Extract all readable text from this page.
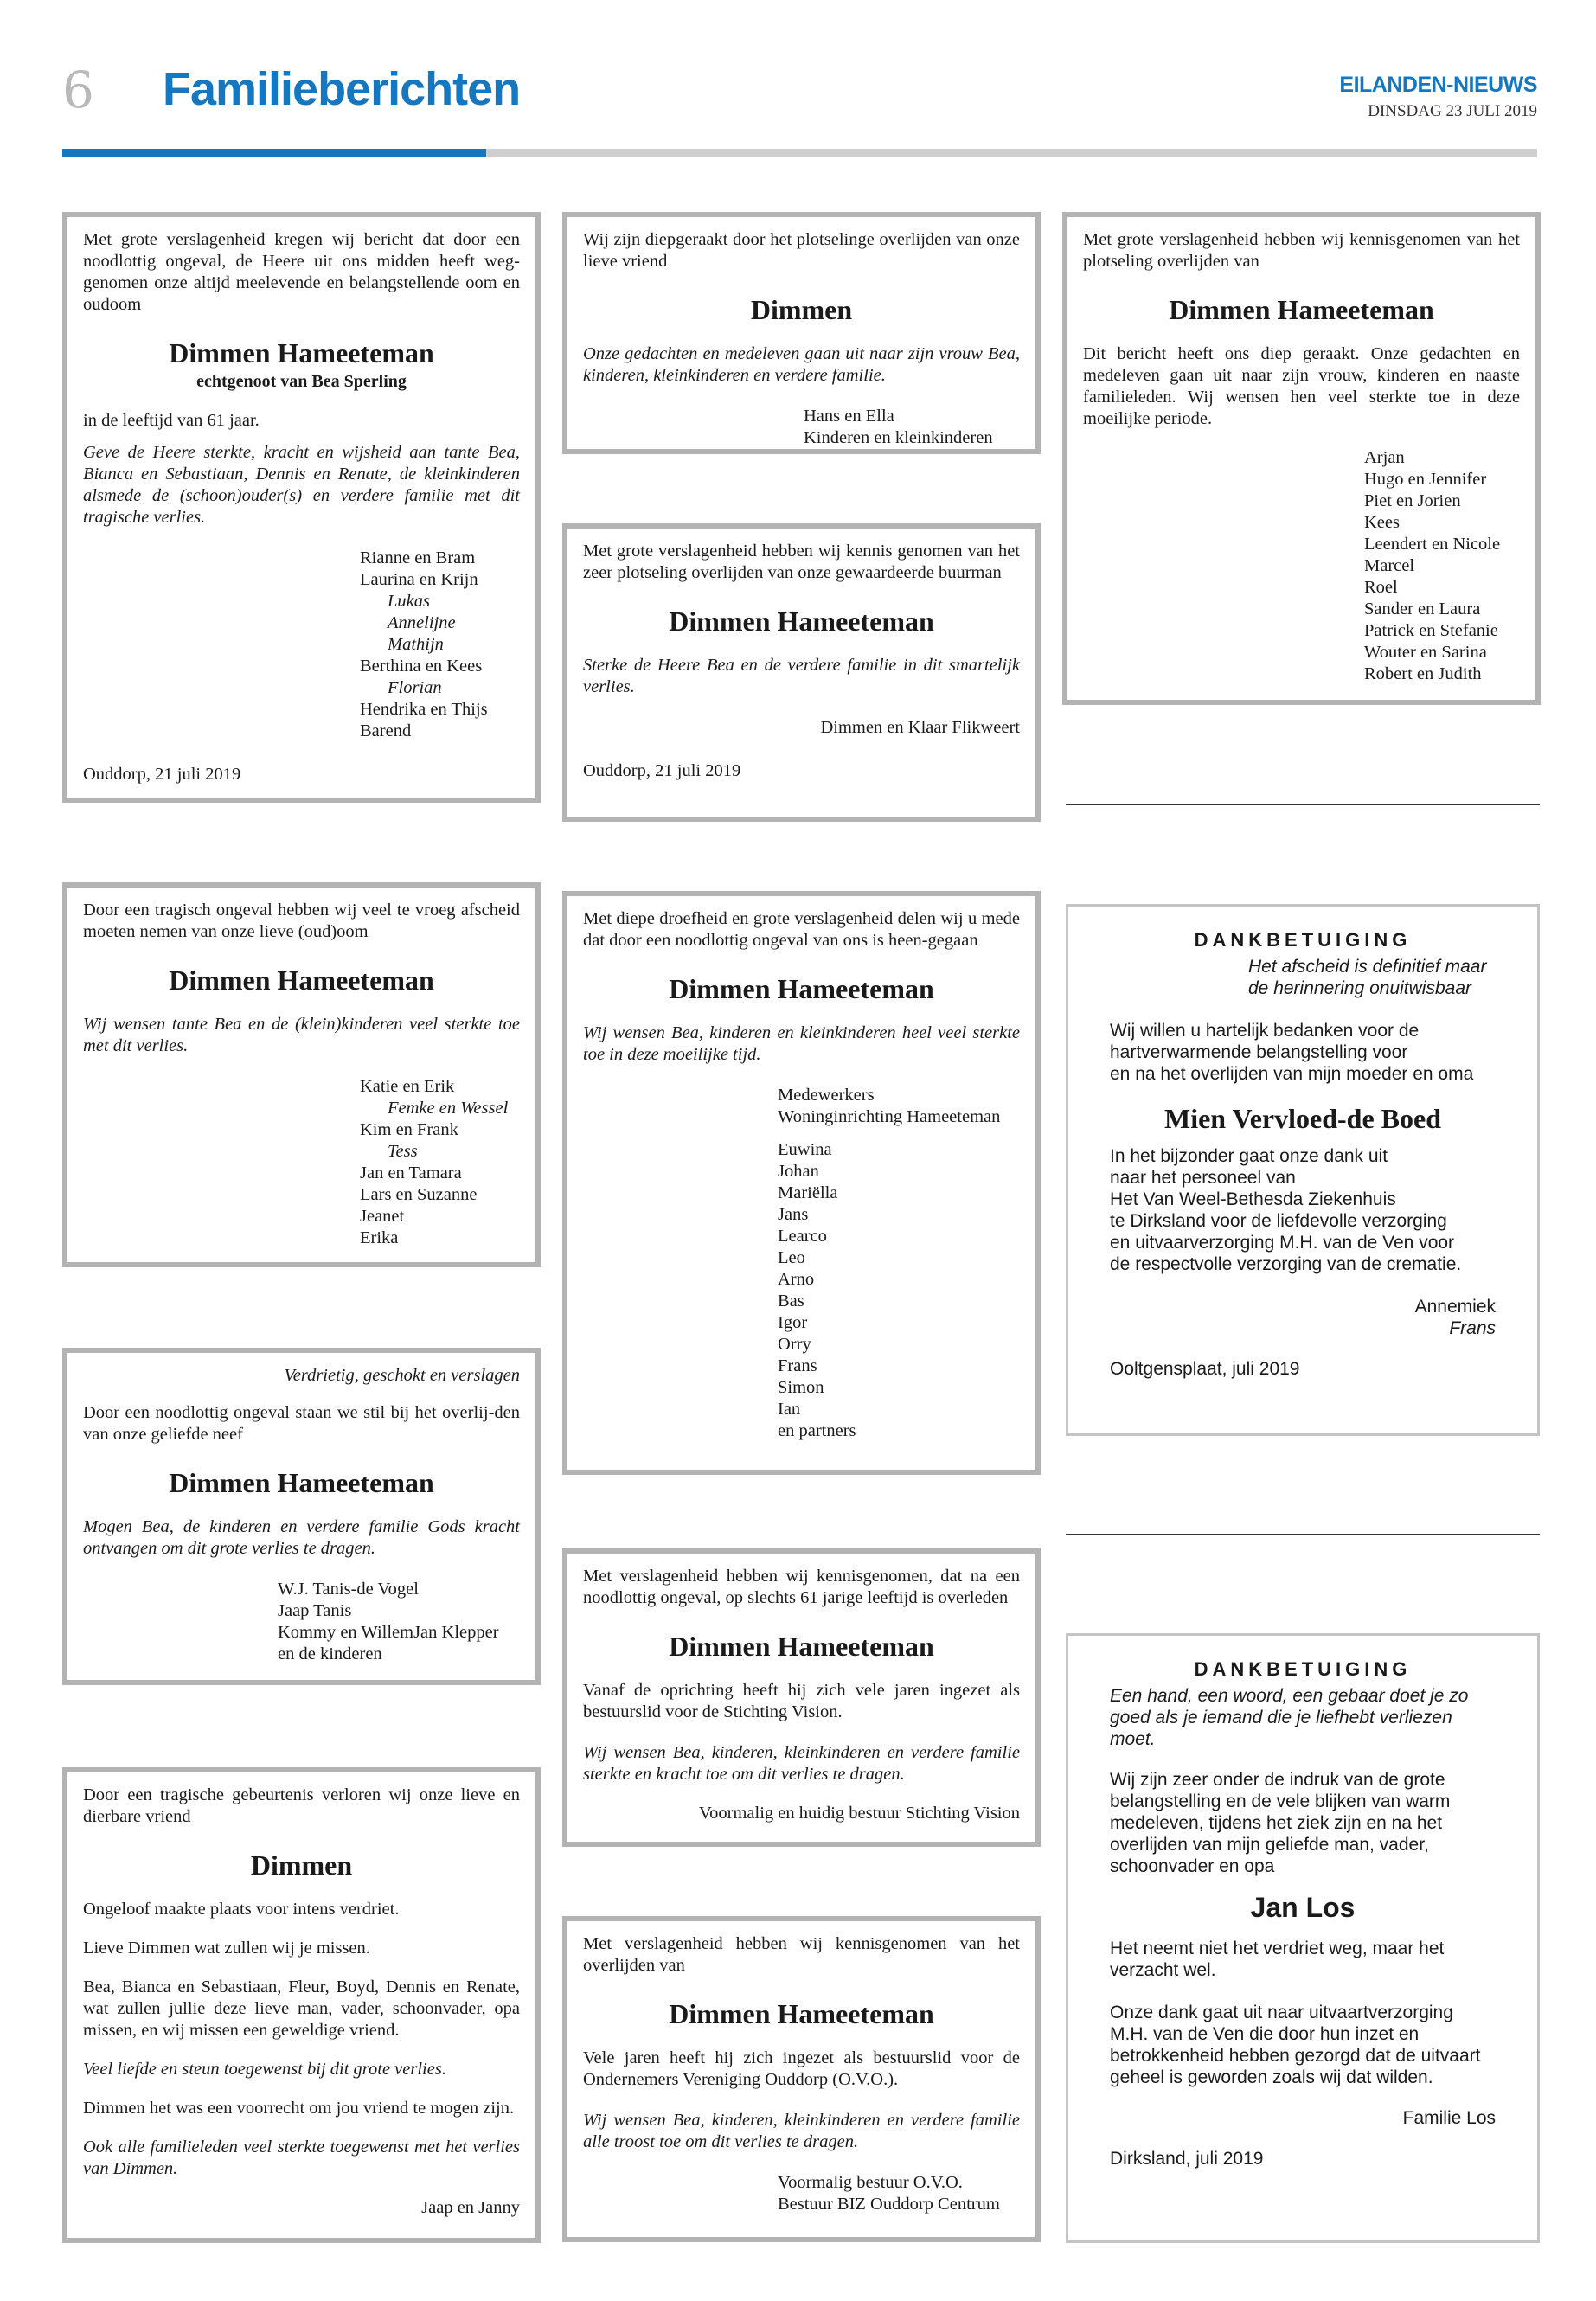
6 Familieberichten	EILANDEN-NIEUWS
DINSDAG 23 JULI 2019

Met grote verslagenheid kregen wij bericht dat door een noodlottig ongeval, de Heere uit ons midden heeft weg-genomen onze altijd meelevende en belangstellende oom en oudoom

Dimmen Hameeteman
echtgenoot van Bea Sperling

in de leeftijd van 61 jaar.

Geve de Heere sterkte, kracht en wijsheid aan tante Bea, Bianca en Sebastiaan, Dennis en Renate, de kleinkinderen alsmede de (schoon)ouder(s) en verdere familie met dit tragische verlies.

Rianne en Bram
Laurina en Krijn
Lukas
Annelijne
Mathijn
Berthina en Kees
Florian
Hendrika en Thijs
Barend
Ouddorp, 21 juli 2019

Door een tragisch ongeval hebben wij veel te vroeg afscheid moeten nemen van onze lieve (oud)oom

Dimmen Hameeteman

Wij wensen tante Bea en de (klein)kinderen veel sterkte toe met dit verlies.

Katie en Erik
Femke en Wessel
Kim en Frank
Tess
Jan en Tamara
Lars en Suzanne
Jeanet
Erika

Verdrietig, geschokt en verslagen

Door een noodlottig ongeval staan we stil bij het overlij-den van onze geliefde neef

Dimmen Hameeteman

Mogen Bea, de kinderen en verdere familie Gods kracht ontvangen om dit grote verlies te dragen.

W.J. Tanis-de Vogel
Jaap Tanis
Kommy en WillemJan Klepper
en de kinderen

Door een tragische gebeurtenis verloren wij onze lieve en dierbare vriend

Dimmen

Ongeloof maakte plaats voor intens verdriet.

Lieve Dimmen wat zullen wij je missen.

Bea, Bianca en Sebastiaan, Fleur, Boyd, Dennis en Renate, wat zullen jullie deze lieve man, vader, schoonvader, opa missen, en wij missen een geweldige vriend.

Veel liefde en steun toegewenst bij dit grote verlies.

Dimmen het was een voorrecht om jou vriend te mogen zijn.

Ook alle familieleden veel sterkte toegewenst met het verlies van Dimmen.

Jaap en Janny

Wij zijn diepgeraakt door het plotselinge overlijden van onze lieve vriend

Dimmen

Onze gedachten en medeleven gaan uit naar zijn vrouw Bea, kinderen, kleinkinderen en verdere familie.

Hans en Ella
Kinderen en kleinkinderen

Met grote verslagenheid hebben wij kennis genomen van het zeer plotseling overlijden van onze gewaardeerde buurman

Dimmen Hameeteman

Sterke de Heere Bea en de verdere familie in dit smartelijk verlies.

Dimmen en Klaar Flikweert
Ouddorp, 21 juli 2019

Met diepe droefheid en grote verslagenheid delen wij u mede dat door een noodlottig ongeval van ons is heen-gegaan

Dimmen Hameeteman

Wij wensen Bea, kinderen en kleinkinderen heel veel sterkte toe in deze moeilijke tijd.

Medewerkers
Woninginrichting Hameeteman
Euwina
Johan
Mariëlla
Jans
Learco
Leo
Arno
Bas
Igor
Orry
Frans
Simon
Ian
en partners

Met verslagenheid hebben wij kennisgenomen, dat na een noodlottig ongeval, op slechts 61 jarige leeftijd is overleden

Dimmen Hameeteman

Vanaf de oprichting heeft hij zich vele jaren ingezet als bestuurslid voor de Stichting Vision.

Wij wensen Bea, kinderen, kleinkinderen en verdere familie sterkte en kracht toe om dit verlies te dragen.

Voormalig en huidig bestuur Stichting Vision

Met verslagenheid hebben wij kennisgenomen van het overlijden van

Dimmen Hameeteman

Vele jaren heeft hij zich ingezet als bestuurslid voor de Ondernemers Vereniging Ouddorp (O.V.O.).

Wij wensen Bea, kinderen, kleinkinderen en verdere familie alle troost toe om dit verlies te dragen.

Voormalig bestuur O.V.O.
Bestuur BIZ Ouddorp Centrum

Met grote verslagenheid hebben wij kennisgenomen van het plotseling overlijden van

Dimmen Hameeteman

Dit bericht heeft ons diep geraakt. Onze gedachten en medeleven gaan uit naar zijn vrouw, kinderen en naaste familieleden. Wij wensen hen veel sterkte toe in deze moeilijke periode.

Arjan
Hugo en Jennifer
Piet en Jorien
Kees
Leendert en Nicole
Marcel
Roel
Sander en Laura
Patrick en Stefanie
Wouter en Sarina
Robert en Judith
DANKBETUIGING
Het afscheid is definitief maar
de herinnering onuitwisbaar
Wij willen u hartelijk bedanken voor de
hartverwarmende belangstelling voor
en na het overlijden van mijn moeder en oma
Mien Vervloed-de Boed
In het bijzonder gaat onze dank uit
naar het personeel van
Het Van Weel-Bethesda Ziekenhuis
te Dirksland voor de liefdevolle verzorging
en uitvaarverzorging M.H. van de Ven voor
de respectvolle verzorging van de crematie.
Annemiek
Frans
Ooltgensplaat, juli 2019
DANKBETUIGING

Een hand, een woord, een gebaar doet je zo goed als je iemand die je liefhebt verliezen moet.

Wij zijn zeer onder de indruk van de grote
belangstelling en de vele blijken van warm
medeleven, tijdens het ziek zijn en na het
overlijden van mijn geliefde man, vader,
schoonvader en opa
Jan Los
Het neemt niet het verdriet weg, maar het
verzacht wel.
Onze dank gaat uit naar uitvaartverzorging
M.H. van de Ven die door hun inzet en
betrokkenheid hebben gezorgd dat de uitvaart
geheel is geworden zoals wij dat wilden.
Familie Los
Dirksland, juli 2019
